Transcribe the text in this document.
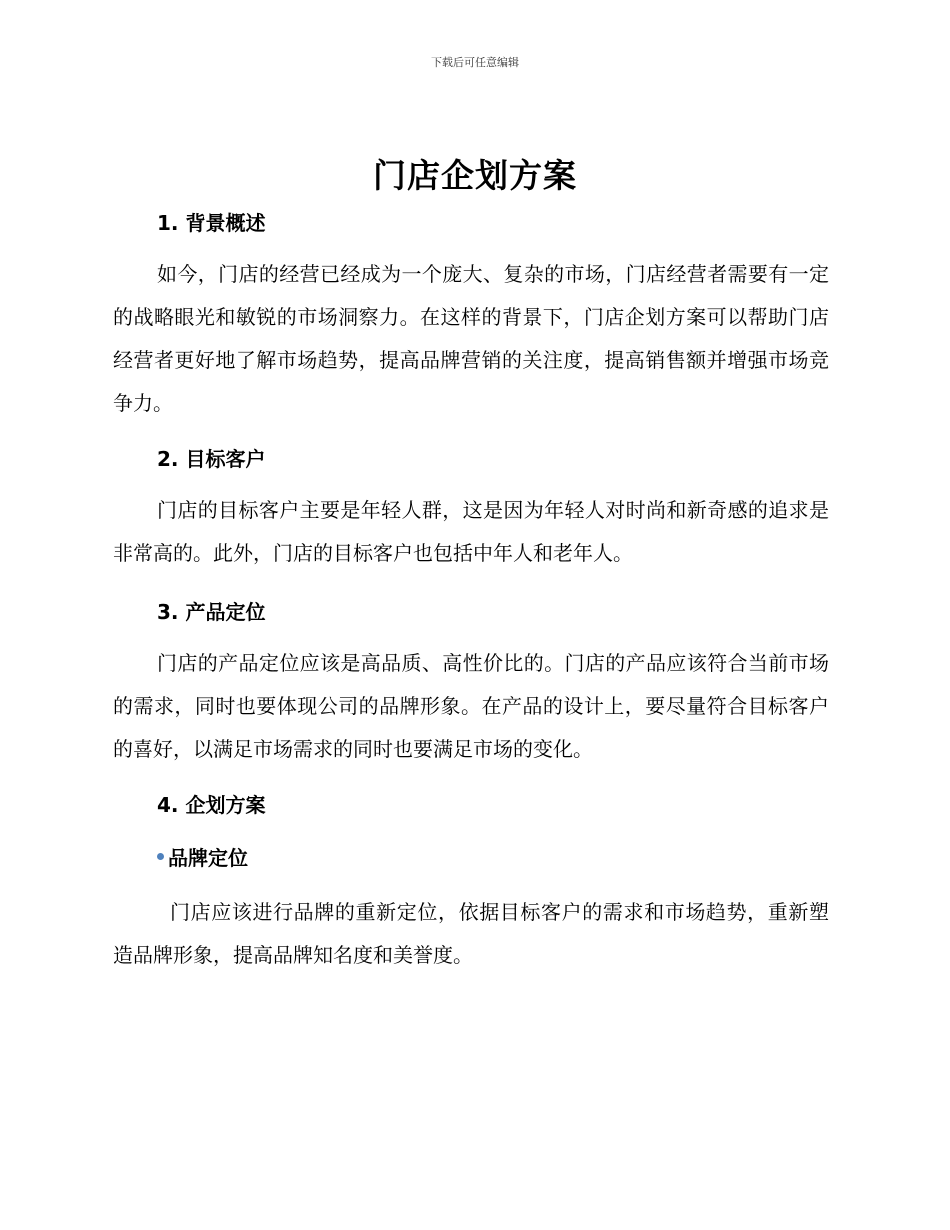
下载后可任意编辑
门店企划方案
1. 背景概述

如今，门店的经营已经成为一个庞大、复杂的市场，门店经营者需要有一定的战略眼光和敏锐的市场洞察力。在这样的背景下，门店企划方案可以帮助门店经营者更好地了解市场趋势，提高品牌营销的关注度，提高销售额并增强市场竞争力。

2. 目标客户

门店的目标客户主要是年轻人群，这是因为年轻人对时尚和新奇感的追求是非常高的。此外，门店的目标客户也包括中年人和老年人。

3. 产品定位

门店的产品定位应该是高品质、高性价比的。门店的产品应该符合当前市场的需求，同时也要体现公司的品牌形象。在产品的设计上，要尽量符合目标客户的喜好，以满足市场需求的同时也要满足市场的变化。

4. 企划方案
品牌定位

门店应该进行品牌的重新定位，依据目标客户的需求和市场趋势，重新塑造品牌形象，提高品牌知名度和美誉度。
